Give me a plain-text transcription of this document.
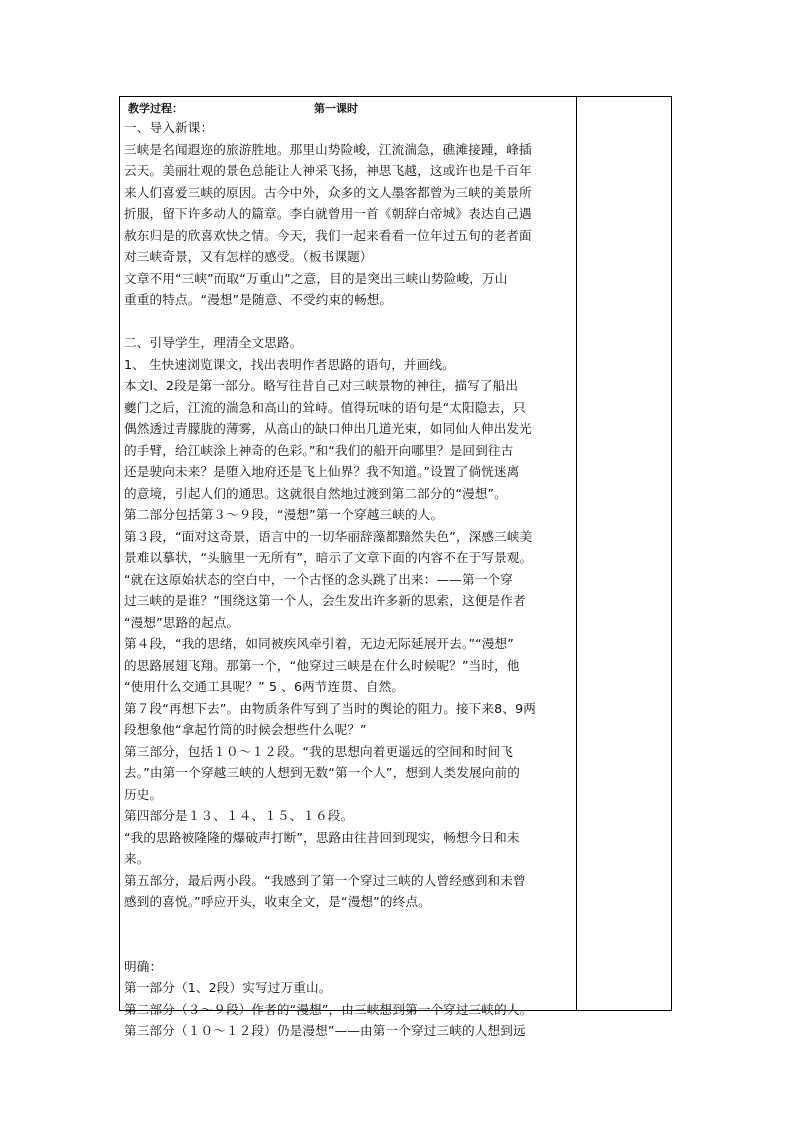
教学过程：	第一课时
一、导入新课：
三峡是名闻遐迩的旅游胜地。那里山势险峻，江流湍急，礁滩接踵，峰插
云天。美丽壮观的景色总能让人神采飞扬，神思飞越，这或许也是千百年
来人们喜爱三峡的原因。古今中外，众多的文人墨客都曾为三峡的美景所
折服，留下许多动人的篇章。李白就曾用一首《朝辞白帝城》表达自己遇
赦东归是的欣喜欢快之情。今天，我们一起来看看一位年过五旬的老者面
对三峡奇景，又有怎样的感受。（板书课题）
文章不用“三峡”而取“万重山”之意，目的是突出三峡山势险峻，万山
重重的特点。“漫想”是随意、不受约束的畅想。
二、引导学生，理清全文思路。
1、 生快速浏览课文，找出表明作者思路的语句，并画线。
本文l、2段是第一部分。略写往昔自己对三峡景物的神往，描写了船出
夔门之后，江流的湍急和高山的耸峙。值得玩味的语句是“太阳隐去，只
偶然透过青朦胧的薄雾，从高山的缺口伸出几道光束，如同仙人伸出发光
的手臂，给江峡涂上神奇的色彩。”和“我们的船开向哪里？是回到往古
还是驶向未来？是堕入地府还是飞上仙界？我不知道。”设置了倘恍迷离
的意境，引起人们的通思。这就很自然地过渡到第二部分的“漫想”。
第二部分包括第３～９段，“漫想”第一个穿越三峡的人。
第３段，“面对这奇景，语言中的一切华丽辞藻都黯然失色”，深感三峡美
景难以摹状，“头脑里一无所有”，暗示了文章下面的内容不在于写景观。
“就在这原始状态的空白中，一个古怪的念头跳了出来：——第一个穿
过三峡的是谁？”围绕这第一个人，会生发出许多新的思索，这便是作者
“漫想”思路的起点。
第４段，“我的思绪，如同被疾风牵引着，无边无际延展开去。”“漫想”
的思路展翅飞翔。那第一个，“他穿过三峡是在什么时候呢？”当时，他
“使用什么交通工具呢？” 5 、6两节连贯、自然。
第７段“再想下去”。由物质条件写到了当时的舆论的阻力。接下来8、9两
段想象他“拿起竹筒的时候会想些什么呢？”
第三部分，包括１０～１２段。“我的思想向着更遥远的空间和时间飞
去。”由第一个穿越三峡的人想到无数“第一个人”，想到人类发展向前的
历史。
第四部分是１３、１４、１５、１６段。
“我的思路被隆隆的爆破声打断”，思路由往昔回到现实，畅想今日和未
来。
第五部分，最后两小段。“我感到了第一个穿过三峡的人曾经感到和未曾
感到的喜悦。”呼应开头，收束全文，是“漫想”的终点。
明确：
第一部分（1、2段）实写过万重山。
第二部分（３～９段）作者的“漫想”，由三峡想到第一个穿过三峡的人。
第三部分（１０～１２段）仍是漫想”——由第一个穿过三峡的人想到远
